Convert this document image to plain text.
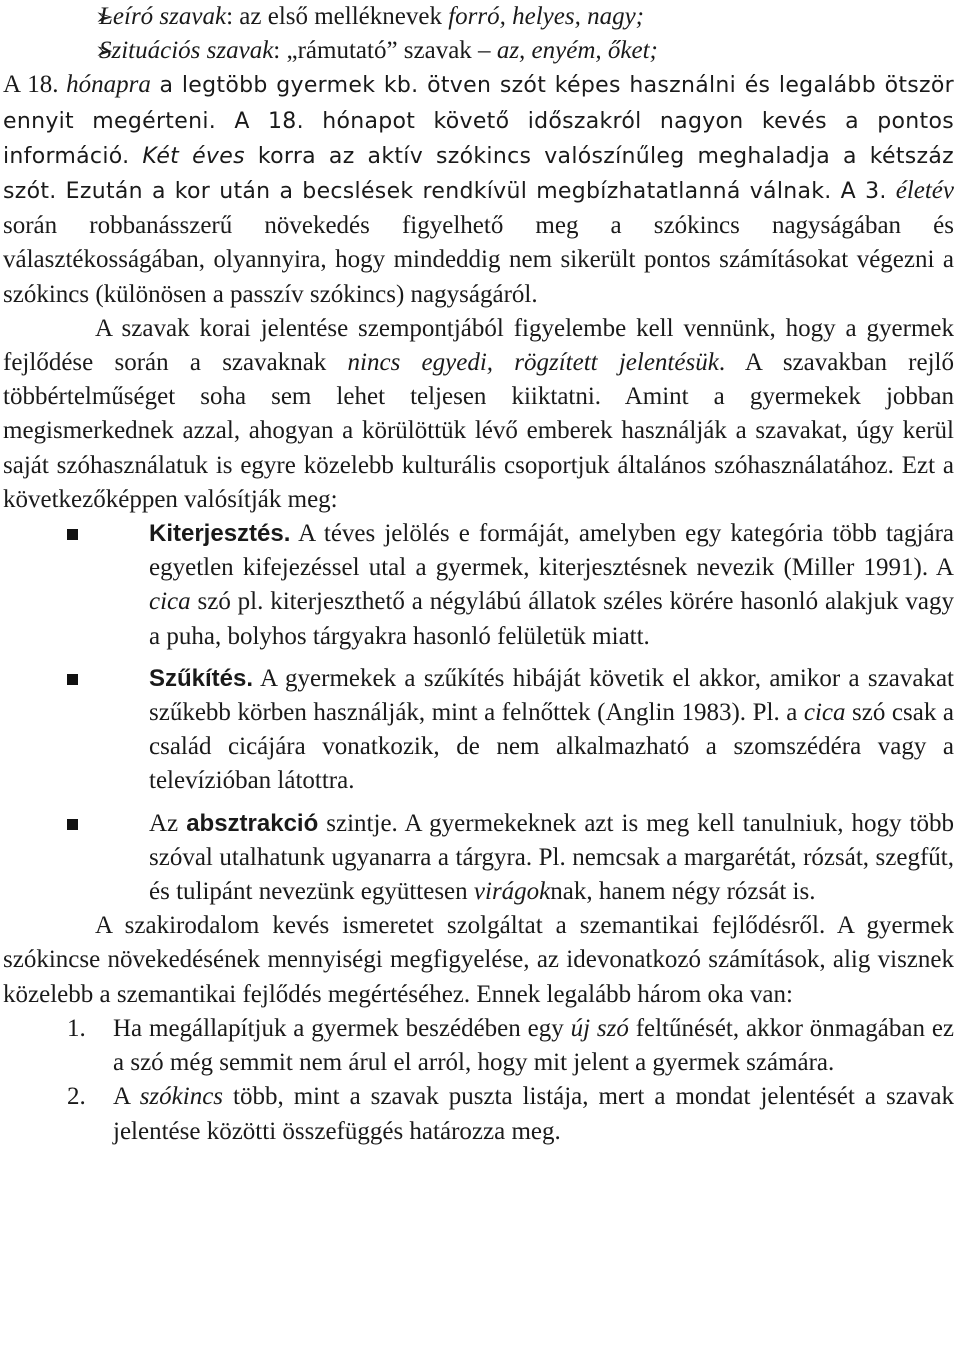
➢
Leíró szavak: az első melléknevek forró, helyes, nagy;

➢
Szituációs szavak: „rámutató” szavak – az, enyém, őket;

A 18. hónapra a legtöbb gyermek kb. ötven szót képes használni és legalább ötször ennyit megérteni. A 18. hónapot követő időszakról nagyon kevés a pontos információ. Két éves korra az aktív szókincs valószínűleg meghaladja a kétszáz szót. Ezután a kor után a becslések rendkívül megbízhatatlanná válnak. A 3. életév során robbanásszerű növekedés figyelhető meg a szókincs nagyságában és választékosságában, olyannyira, hogy mindeddig nem sikerült pontos számításokat végezni a szókincs (különösen a passzív szókincs) nagyságáról.

A szavak korai jelentése szempontjából figyelembe kell vennünk, hogy a gyermek fejlődése során a szavaknak nincs egyedi, rögzített jelentésük. A szavakban rejlő többértelműséget soha sem lehet teljesen kiiktatni. Amint a gyermekek jobban megismerkednek azzal, ahogyan a körülöttük lévő emberek használják a szavakat, úgy kerül saját szóhasználatuk is egyre közelebb kulturális csoportjuk általános szóhasználatához. Ezt a következőképpen valósítják meg:

Kiterjesztés. A téves jelölés e formáját, amelyben egy kategória több tagjára egyetlen kifejezéssel utal a gyermek, kiterjesztésnek nevezik (Miller 1991). A cica szó pl. kiterjeszthető a négylábú állatok széles körére hasonló alakjuk vagy a puha, bolyhos tárgyakra hasonló felületük miatt.

Szűkítés. A gyermekek a szűkítés hibáját követik el akkor, amikor a szavakat szűkebb körben használják, mint a felnőttek (Anglin 1983). Pl. a cica szó csak a család cicájára vonatkozik, de nem alkalmazható a szomszédéra vagy a televízióban látottra.

Az absztrakció szintje. A gyermekeknek azt is meg kell tanulniuk, hogy több szóval utalhatunk ugyanarra a tárgyra. Pl. nemcsak a margarétát, rózsát, szegfűt, és tulipánt nevezünk együttesen virágoknak, hanem négy rózsát is.

A szakirodalom kevés ismeretet szolgáltat a szemantikai fejlődésről. A gyermek szókincse növekedésének mennyiségi megfigyelése, az idevonatkozó számítások, alig visznek közelebb a szemantikai fejlődés megértéséhez. Ennek legalább három oka van:

1. Ha megállapítjuk a gyermek beszédében egy új szó feltűnését, akkor önmagában ez a szó még semmit nem árul el arról, hogy mit jelent a gyermek számára.

2. A szókincs több, mint a szavak puszta listája, mert a mondat jelentését a szavak jelentése közötti összefüggés határozza meg.
